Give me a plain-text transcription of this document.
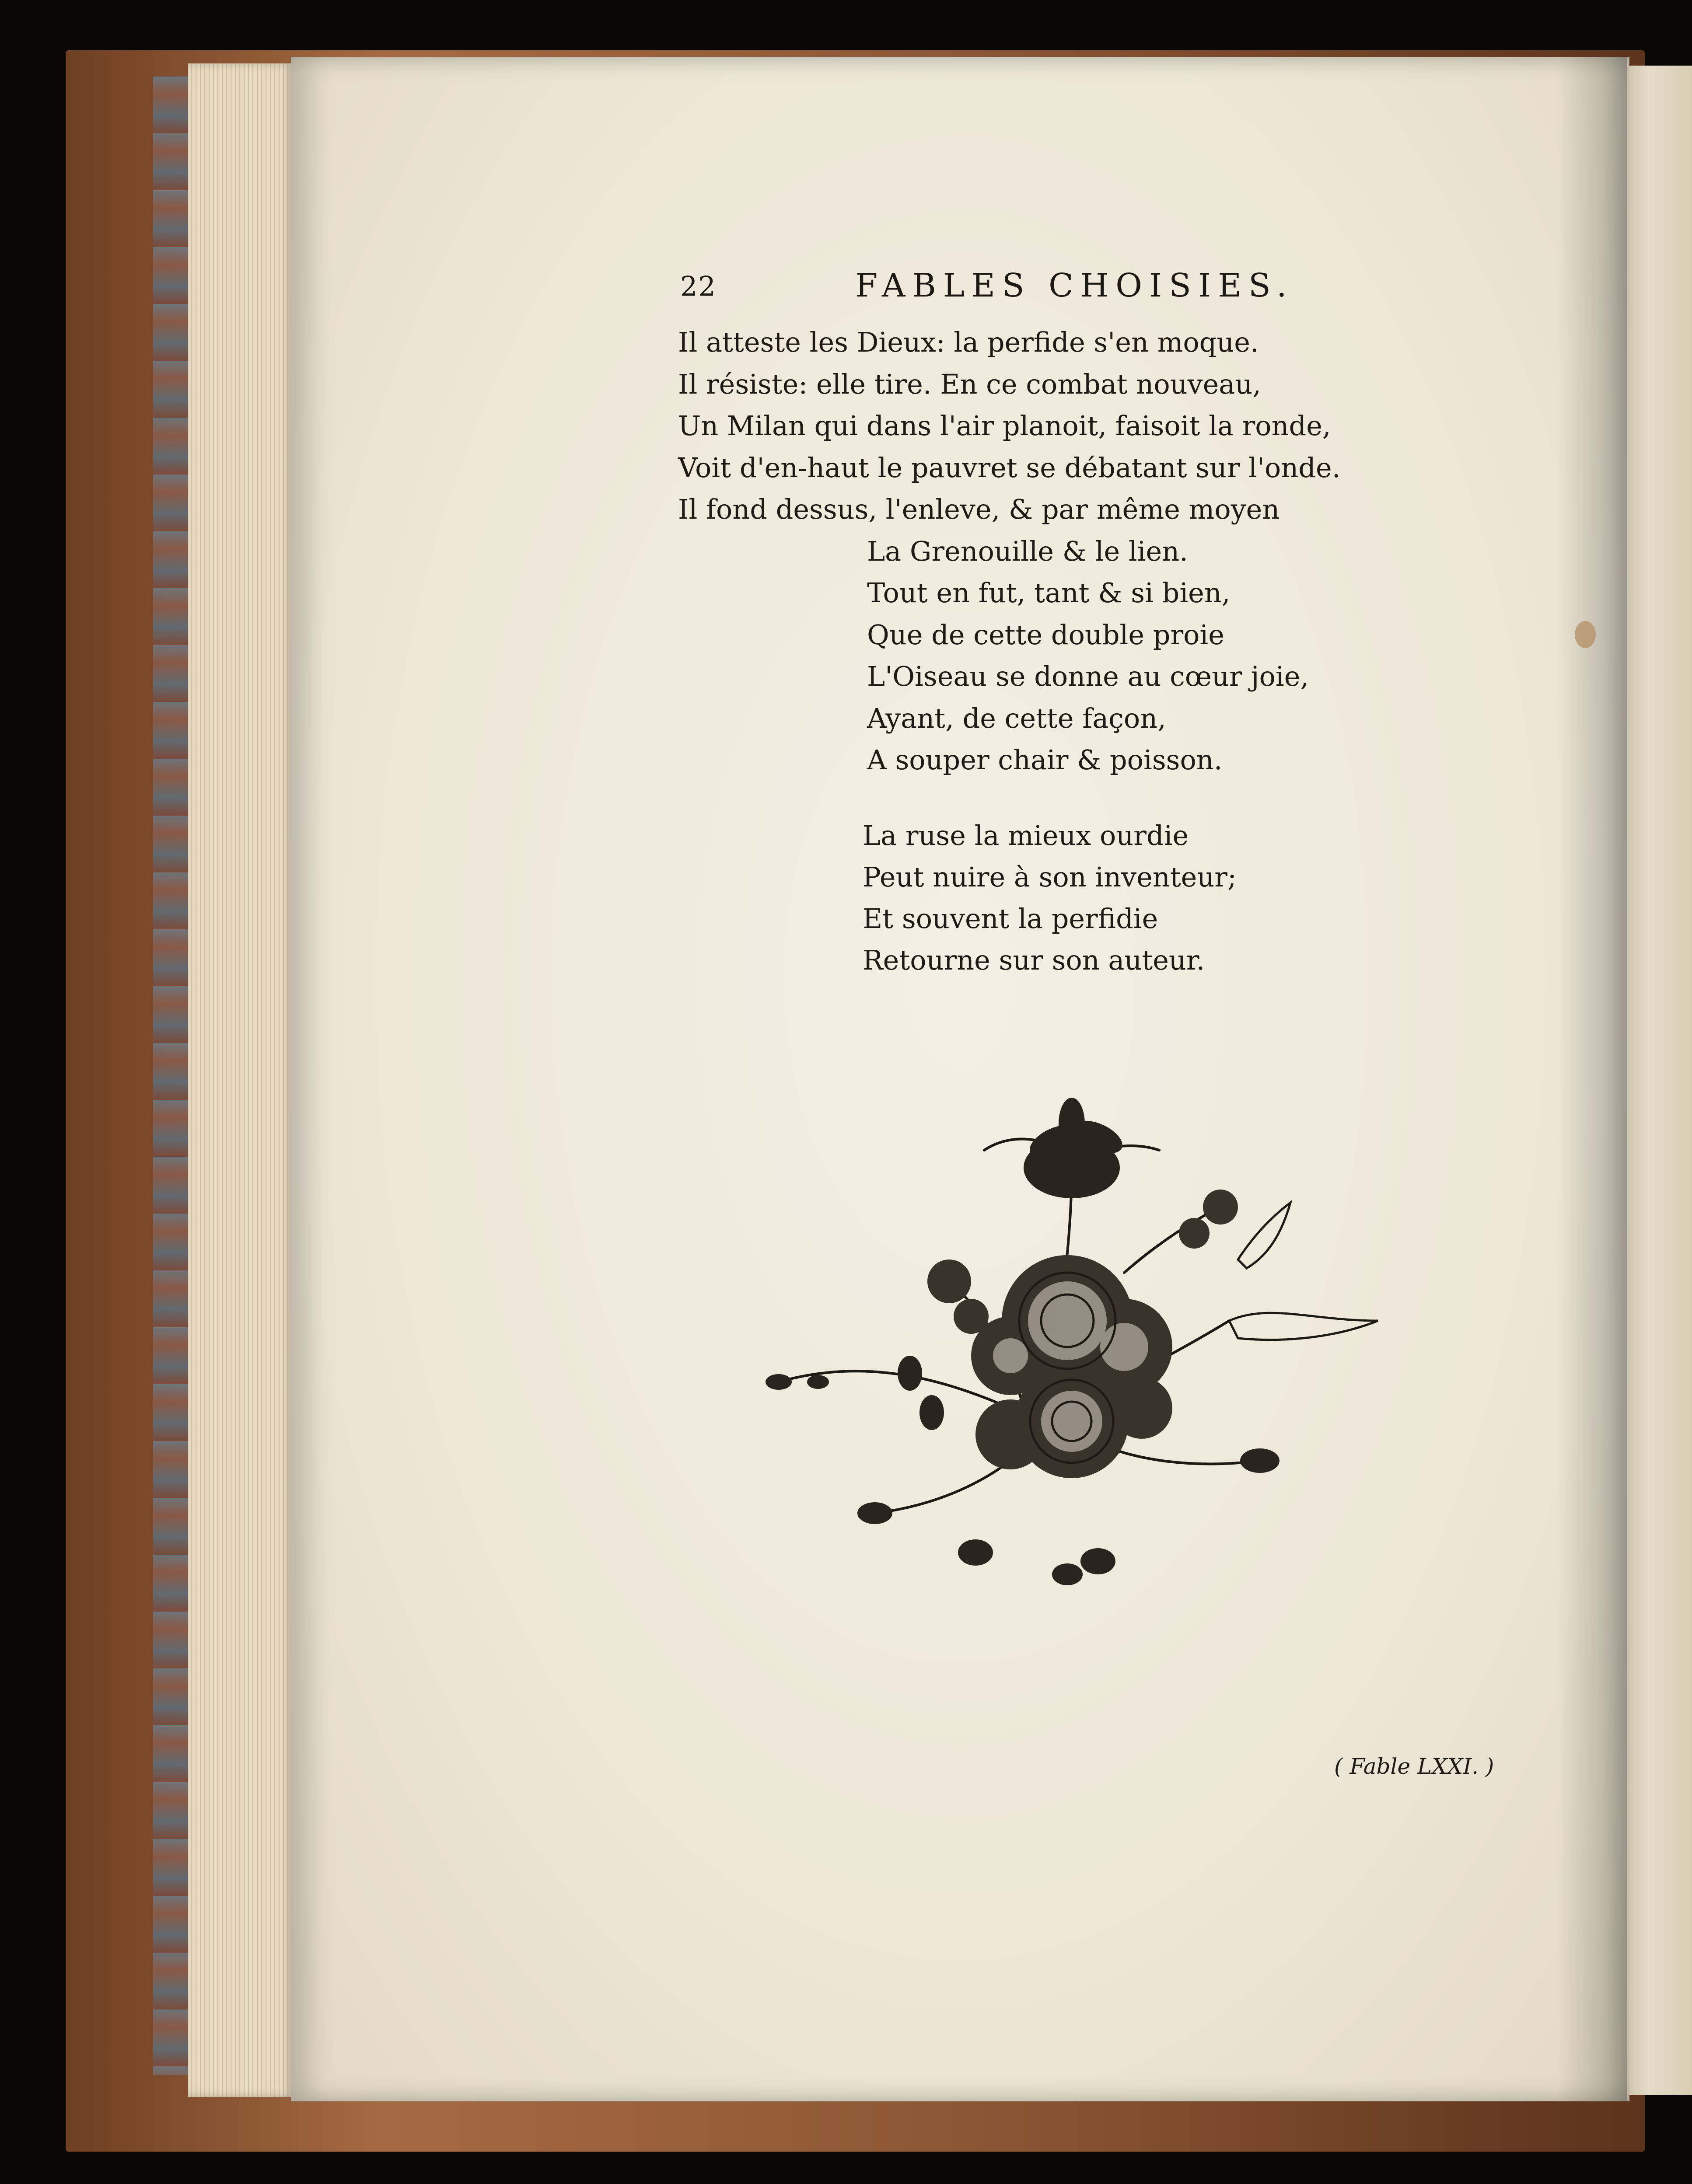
22	FABLES CHOISIES.
Il atteste les Dieux: la perfide s'en moque.
Il résiste: elle tire. En ce combat nouveau,
Un Milan qui dans l'air planoit, faisoit la ronde,
Voit d'en-haut le pauvret se débatant sur l'onde.
Il fond dessus, l'enleve, & par même moyen
La Grenouille & le lien.
Tout en fut, tant & si bien,
Que de cette double proie
L'Oiseau se donne au cœur joie,
Ayant, de cette façon,
A souper chair & poisson.
La ruse la mieux ourdie
Peut nuire à son inventeur;
Et souvent la perfidie
Retourne sur son auteur.
( Fable LXXI. )
